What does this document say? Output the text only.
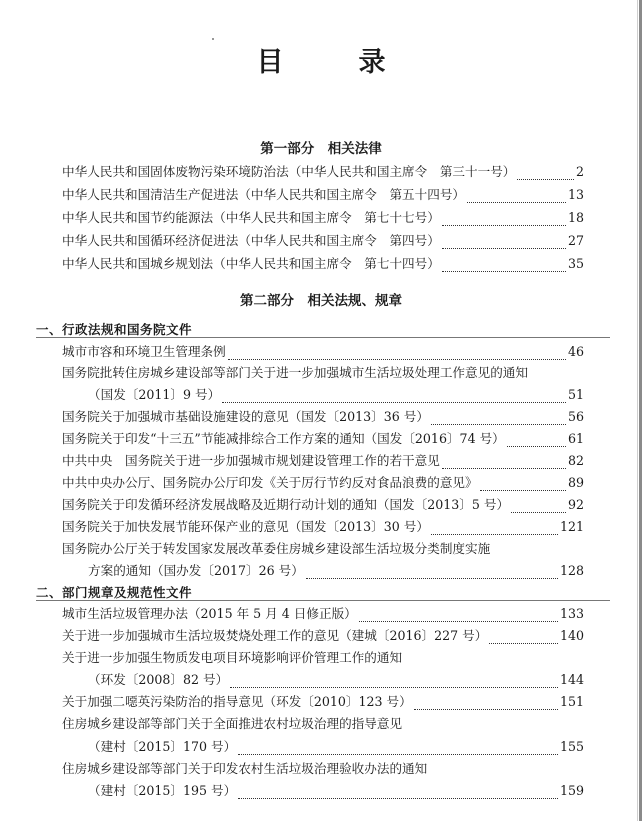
目　录
第一部分　相关法律
中华人民共和国固体废物污染环境防治法（中华人民共和国主席令　第三十一号）	2
中华人民共和国清洁生产促进法（中华人民共和国主席令　第五十四号）	13
中华人民共和国节约能源法（中华人民共和国主席令　第七十七号）	18
中华人民共和国循环经济促进法（中华人民共和国主席令　第四号）	27
中华人民共和国城乡规划法（中华人民共和国主席令　第七十四号）	35
第二部分　相关法规、规章
一、行政法规和国务院文件
城市市容和环境卫生管理条例	46
国务院批转住房城乡建设部等部门关于进一步加强城市生活垃圾处理工作意见的通知
（国发〔2011〕9 号）	51
国务院关于加强城市基础设施建设的意见（国发〔2013〕36 号）	56
国务院关于印发“十三五”节能减排综合工作方案的通知（国发〔2016〕74 号）	61
中共中央　国务院关于进一步加强城市规划建设管理工作的若干意见	82
中共中央办公厅、国务院办公厅印发《关于厉行节约反对食品浪费的意见》	89
国务院关于印发循环经济发展战略及近期行动计划的通知（国发〔2013〕5 号）	92
国务院关于加快发展节能环保产业的意见（国发〔2013〕30 号）	121
国务院办公厅关于转发国家发展改革委住房城乡建设部生活垃圾分类制度实施
方案的通知（国办发〔2017〕26 号）	128
二、部门规章及规范性文件
城市生活垃圾管理办法（2015 年 5 月 4 日修正版）	133
关于进一步加强城市生活垃圾焚烧处理工作的意见（建城〔2016〕227 号）	140
关于进一步加强生物质发电项目环境影响评价管理工作的通知
（环发〔2008〕82 号）	144
关于加强二噁英污染防治的指导意见（环发〔2010〕123 号）	151
住房城乡建设部等部门关于全面推进农村垃圾治理的指导意见
（建村〔2015〕170 号）	155
住房城乡建设部等部门关于印发农村生活垃圾治理验收办法的通知
（建村〔2015〕195 号）	159
